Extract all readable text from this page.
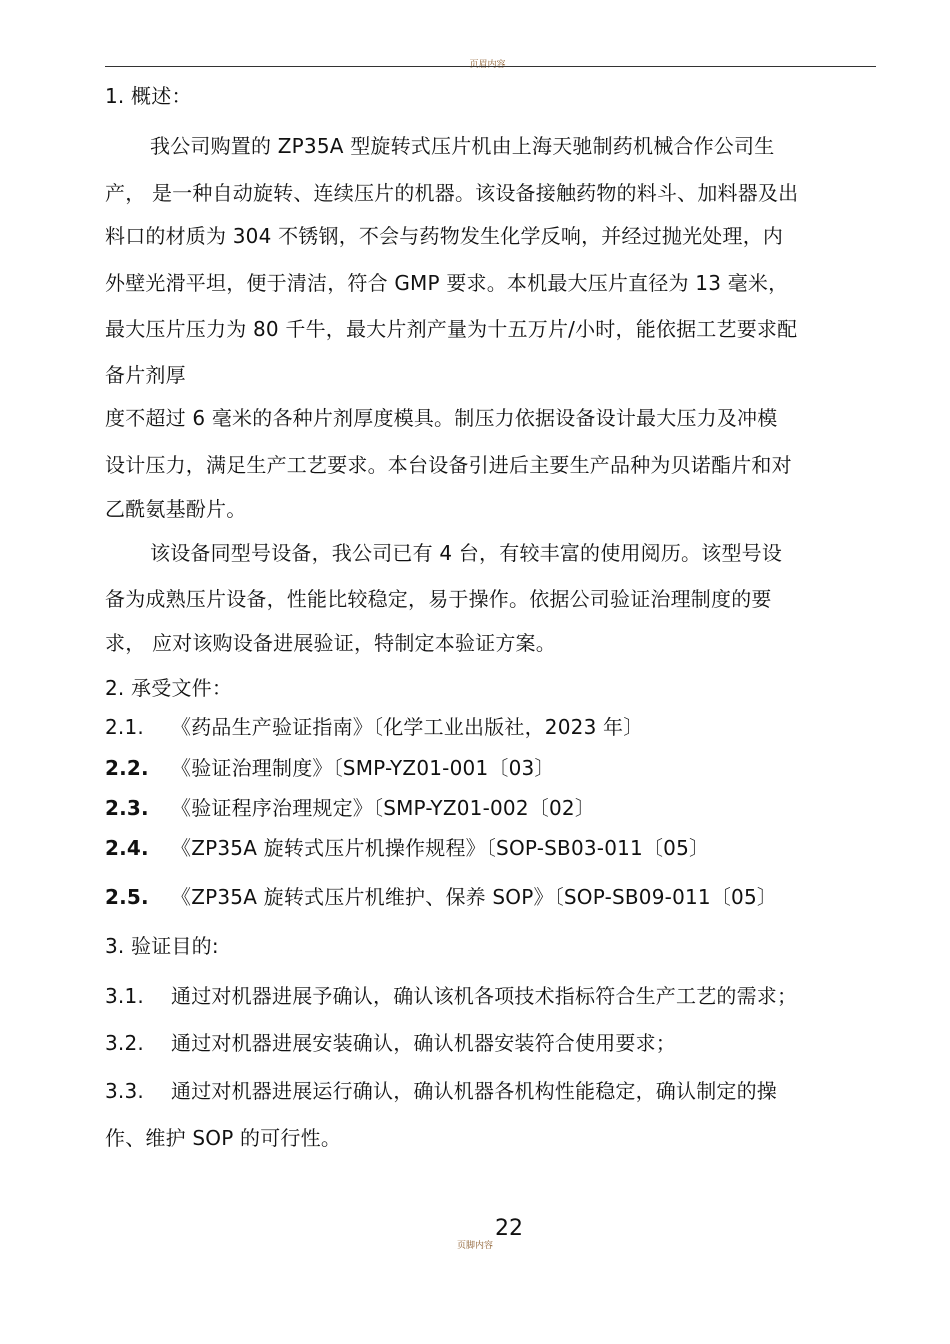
页眉内容
1. 概述：
我公司购置的 ZP35A 型旋转式压片机由上海天驰制药机械合作公司生
产， 是一种自动旋转、连续压片的机器。该设备接触药物的料斗、加料器及出
料口的材质为 304 不锈钢，不会与药物发生化学反响，并经过抛光处理，内
外壁光滑平坦，便于清洁，符合 GMP 要求。本机最大压片直径为 13 毫米，
最大压片压力为 80 千牛，最大片剂产量为十五万片/小时，能依据工艺要求配
备片剂厚
度不超过 6 毫米的各种片剂厚度模具。制压力依据设备设计最大压力及冲模
设计压力，满足生产工艺要求。本台设备引进后主要生产品种为贝诺酯片和对
乙酰氨基酚片。
该设备同型号设备，我公司已有 4 台，有较丰富的使用阅历。该型号设
备为成熟压片设备，性能比较稳定，易于操作。依据公司验证治理制度的要
求， 应对该购设备进展验证，特制定本验证方案。
2. 承受文件：
2.1. 《药品生产验证指南》〔化学工业出版社，2023 年〕
2.2. 《验证治理制度》〔SMP-YZ01-001〔03〕
2.3. 《验证程序治理规定》〔SMP-YZ01-002〔02〕
2.4. 《ZP35A 旋转式压片机操作规程》〔SOP-SB03-011〔05〕
2.5. 《ZP35A 旋转式压片机维护、保养 SOP》〔SOP-SB09-011〔05〕
3. 验证目的:
3.1. 通过对机器进展予确认，确认该机各项技术指标符合生产工艺的需求；
3.2. 通过对机器进展安装确认，确认机器安装符合使用要求；
3.3. 通过对机器进展运行确认，确认机器各机构性能稳定，确认制定的操
作、维护 SOP 的可行性。
22
页脚内容
